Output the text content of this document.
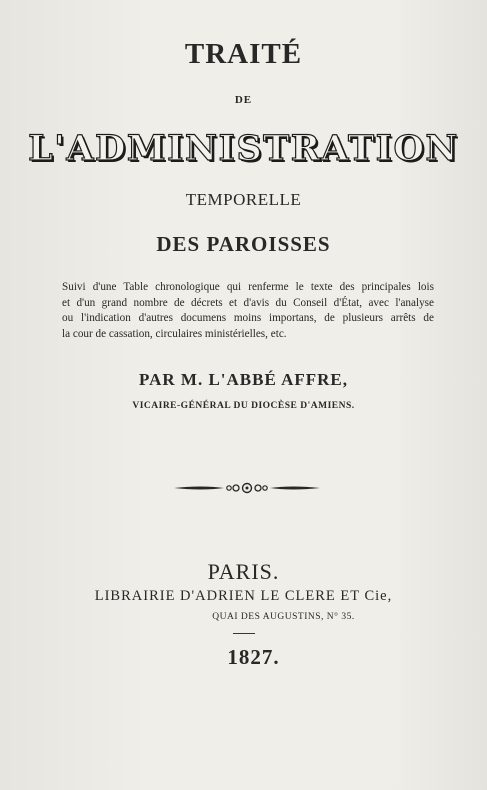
TRAITÉ
DE
L'ADMINISTRATION
TEMPORELLE
DES PAROISSES
Suivi d'une Table chronologique qui renferme le texte des principales lois
et d'un grand nombre de décrets et d'avis du Conseil d'État, avec l'analyse
ou l'indication d'autres documens moins importans, de plusieurs arrêts de
la cour de cassation, circulaires ministérielles, etc.
PAR M. L'ABBÉ AFFRE,
VICAIRE-GÉNÉRAL DU DIOCÈSE D'AMIENS.
PARIS.
LIBRAIRIE D'ADRIEN LE CLERE ET Cie,
QUAI DES AUGUSTINS, N° 35.
1827.
